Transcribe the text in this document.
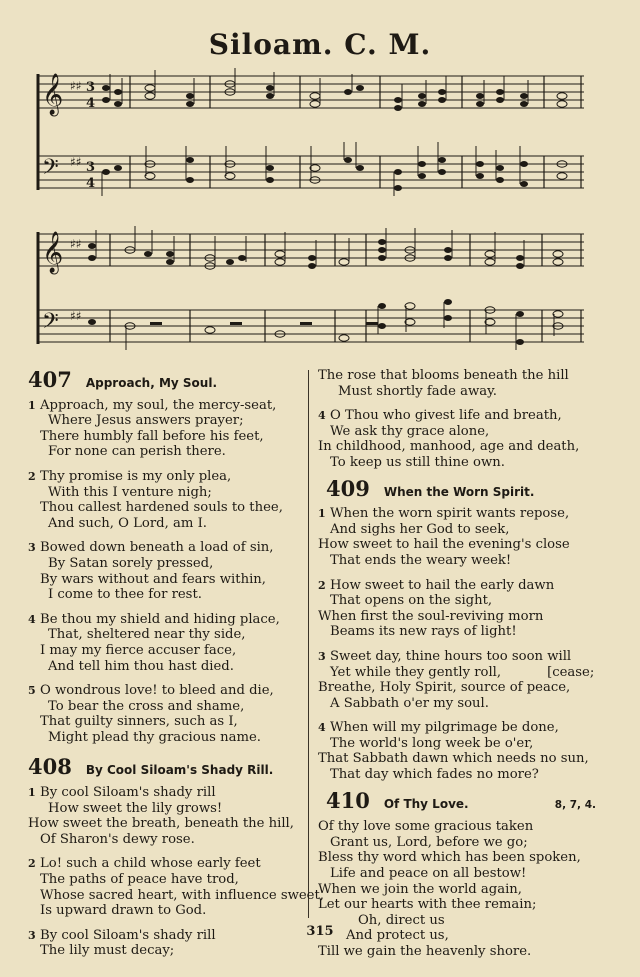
Siloam. C. M.
𝄞
𝄢
♯♯
♯♯
3
4
3
4
𝄞
𝄢
♯♯
♯♯
407 Approach, My Soul.
1 Approach, my soul, the mercy-seat,
Where Jesus answers prayer;
There humbly fall before his feet,
For none can perish there.
2 Thy promise is my only plea,
With this I venture nigh;
Thou callest hardened souls to thee,
And such, O Lord, am I.
3 Bowed down beneath a load of sin,
By Satan sorely pressed,
By wars without and fears within,
I come to thee for rest.
4 Be thou my shield and hiding place,
That, sheltered near thy side,
I may my fierce accuser face,
And tell him thou hast died.
5 O wondrous love! to bleed and die,
To bear the cross and shame,
That guilty sinners, such as I,
Might plead thy gracious name.
408 By Cool Siloam's Shady Rill.
1 By cool Siloam's shady rill
How sweet the lily grows!
How sweet the breath, beneath the hill,
Of Sharon's dewy rose.
2 Lo! such a child whose early feet
The paths of peace have trod,
Whose sacred heart, with influence sweet,
Is upward drawn to God.
3 By cool Siloam's shady rill
The lily must decay;
The rose that blooms beneath the hill
Must shortly fade away.
4 O Thou who givest life and breath,
We ask thy grace alone,
In childhood, manhood, age and death,
To keep us still thine own.
409 When the Worn Spirit.
1 When the worn spirit wants repose,
And sighs her God to seek,
How sweet to hail the evening's close
That ends the weary week!
2 How sweet to hail the early dawn
That opens on the sight,
When first the soul-reviving morn
Beams its new rays of light!
3 Sweet day, thine hours too soon will
Yet while they gently roll,	[cease;
Breathe, Holy Spirit, source of peace,
A Sabbath o'er my soul.
4 When will my pilgrimage be done,
The world's long week be o'er,
That Sabbath dawn which needs no sun,
That day which fades no more?
410 Of Thy Love.	8, 7, 4.
Of thy love some gracious taken
Grant us, Lord, before we go;
Bless thy word which has been spoken,
Life and peace on all bestow!
When we join the world again,
Let our hearts with thee remain;
Oh, direct us
And protect us,
Till we gain the heavenly shore.
315
